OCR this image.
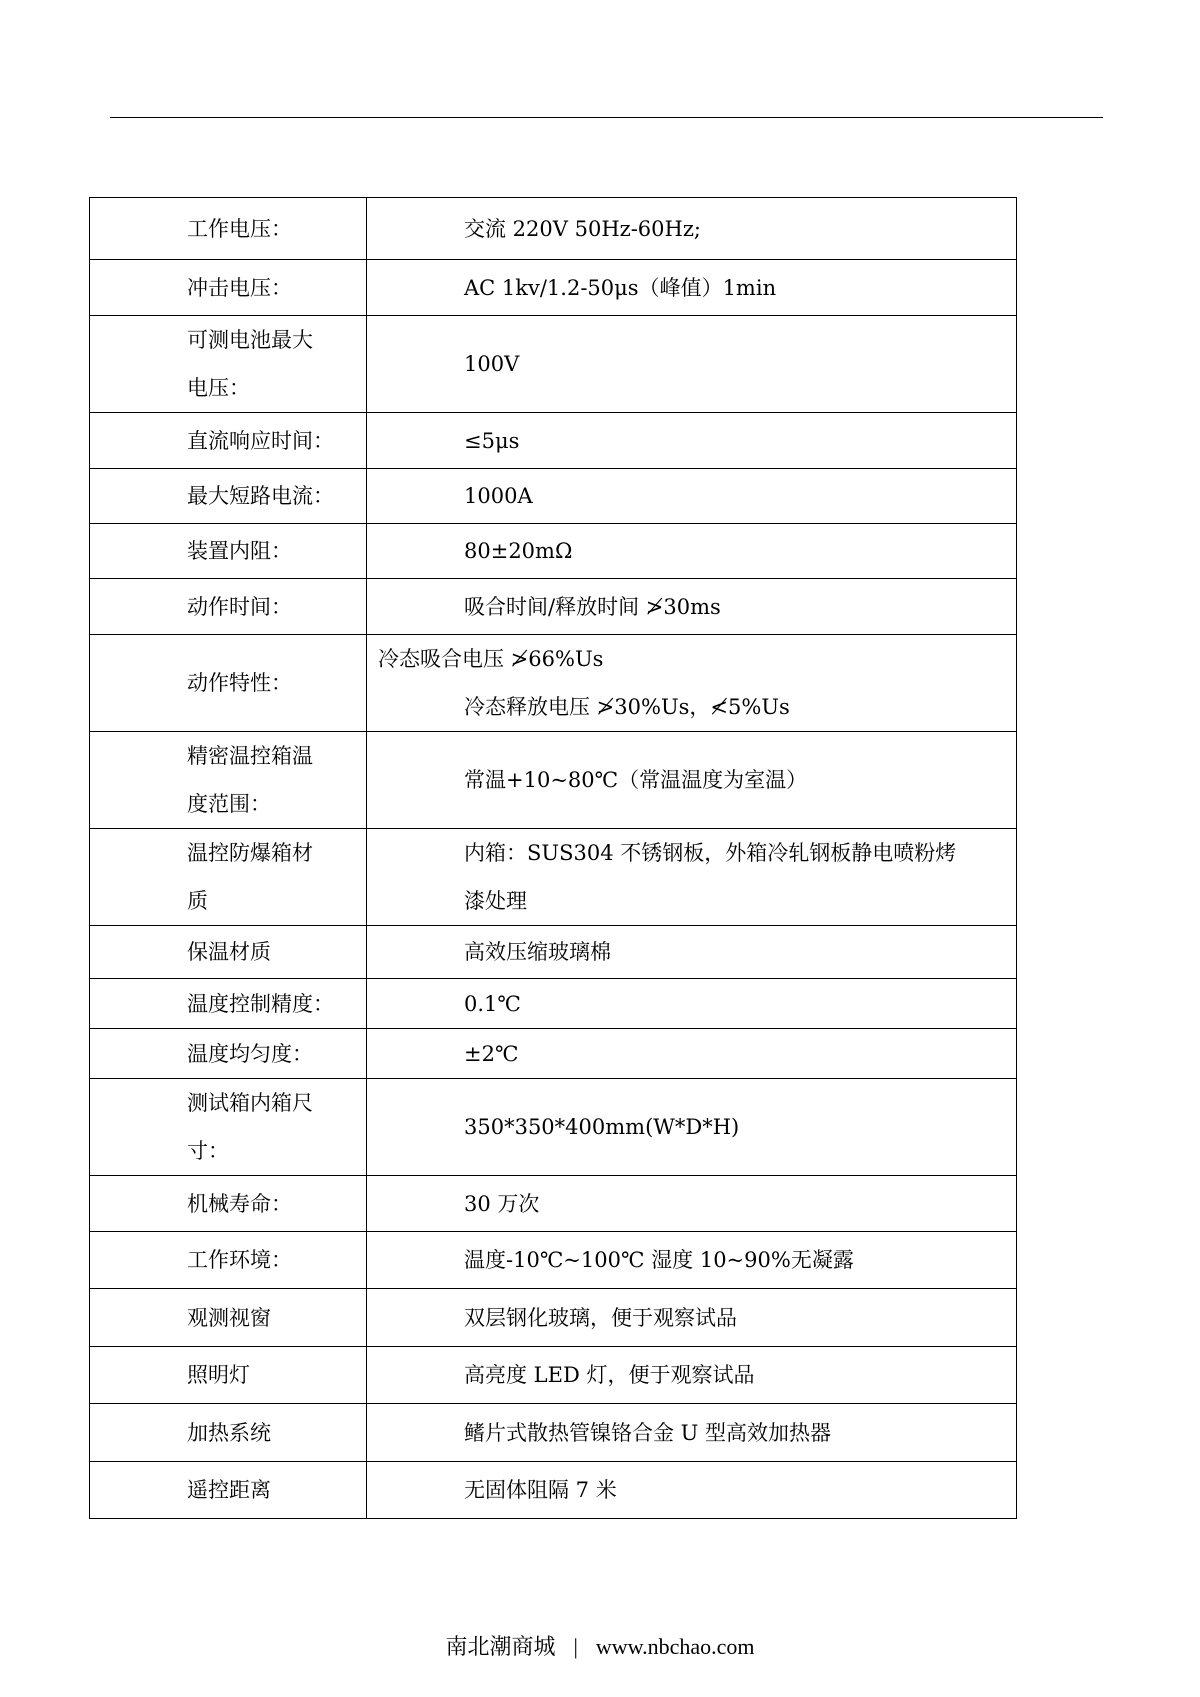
工作电压：	交流 220V 50Hz-60Hz;

冲击电压：	AC 1kv/1.2-50μs（峰值）1min

可测电池最大
电压：	100V

直流响应时间：	≤5μs

最大短路电流：	1000A

装置内阻：	80±20mΩ

动作时间：	吸合时间/释放时间 ≯30ms

动作特性：	冷态吸合电压 ≯66%Us
冷态释放电压 ≯30%Us，≮5%Us

精密温控箱温
度范围：	常温+10~80℃（常温温度为室温）

温控防爆箱材
质	内箱：SUS304 不锈钢板，外箱冷轧钢板静电喷粉烤
漆处理

保温材质	高效压缩玻璃棉

温度控制精度：	0.1℃

温度均匀度：	±2℃

测试箱内箱尺
寸：	350*350*400mm(W*D*H)

机械寿命：	30 万次

工作环境：	温度-10℃~100℃ 湿度 10~90%无凝露

观测视窗	双层钢化玻璃，便于观察试品

照明灯	高亮度 LED 灯，便于观察试品

加热系统	鳍片式散热管镍铬合金 U 型高效加热器

遥控距离	无固体阻隔 7 米
南北潮商城 | www.nbchao.com
